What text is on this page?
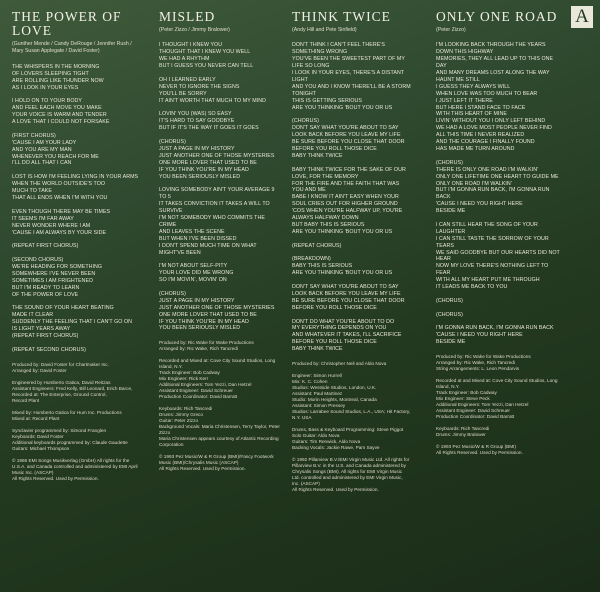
A
THE POWER OF LOVE
(Gunther Mende / Candy DeRouge / Jennifer Rush / Mary Susan Applegate / David Foster)
THE WHISPERS IN THE MORNING
OF LOVERS SLEEPING TIGHT
ARE ROLLING LIKE THUNDER NOW
AS I LOOK IN YOUR EYES
I HOLD ON TO YOUR BODY
AND FEEL EACH MOVE YOU MAKE
YOUR VOICE IS WARM AND TENDER
A LOVE THAT I COULD NOT FORSAKE
(FIRST CHORUS)
'CAUSE I AM YOUR LADY
AND YOU ARE MY MAN
WHENEVER YOU REACH FOR ME
I'LL DO ALL THAT I CAN
LOST IS HOW I'M FEELING LYING IN YOUR ARMS
WHEN THE WORLD OUTSIDE'S TOO
MUCH TO TAKE
THAT ALL ENDS WHEN I'M WITH YOU
EVEN THOUGH THERE MAY BE TIMES
IT SEEMS I'M FAR AWAY
NEVER WONDER WHERE I AM
'CAUSE I AM ALWAYS BY YOUR SIDE
(REPEAT FIRST CHORUS)
(SECOND CHORUS)
WE'RE HEADING FOR SOMETHING
SOMEWHERE I'VE NEVER BEEN
SOMETIMES I AM FRIGHTENED
BUT I'M READY TO LEARN
OF THE POWER OF LOVE
THE SOUND OF YOUR HEART BEATING
MADE IT CLEAR
SUDDENLY THE FEELING THAT I CAN'T GO ON
IS LIGHT YEARS AWAY
(REPEAT FIRST CHORUS)
(REPEAT SECOND CHORUS)
Produced by: David Foster for Chartmaker Inc.
Arranged by: David Foster
Engineered by Humberto Gatica, David Reitzas
Assistant Engineers: Fred Kelly, Bill Leonard, Erich Baron,
Recorded at: The Enterprise, Ground Control,
Record Plant
Mixed by: Humberto Gatica for Hum Inc. Productions
Mixed at: Record Plant
Synclavier programmed by: Simond Franglen
Keyboards: David Foster
Additional keyboards programmed by: Claude Gaudette
Guitars: Michael Thompson
© 1986 EMI Songs Musikverlag (GmbH) All rights for the U.S.A. and Canada controlled and administered by EMI April Music Inc. (ASCAP)
All Rights Reserved. Used by Permission.
MISLED
(Peter Zizzo / Jimmy Bralower)
I THOUGHT I KNEW YOU
THOUGHT THAT I KNEW YOU WELL
WE HAD A RHYTHM
BUT I GUESS YOU NEVER CAN TELL
OH I LEARNED EARLY
NEVER TO IGNORE THE SIGNS
YOU'LL BE SORRY
IT AIN'T WORTH THAT MUCH TO MY MIND
LOVIN' YOU (WAS) SO EASY
IT'S HARD TO SAY GOODBYE
BUT IF IT'S THE WAY IT GOES IT GOES
(CHORUS)
JUST A PAGE IN MY HISTORY
JUST ANOTHER ONE OF THOSE MYSTERIES
ONE MORE LOVER THAT USED TO BE
IF YOU THINK YOU'RE IN MY HEAD
YOU BEEN SERIOUSLY MISLED
LOVING SOMEBODY AIN'T YOUR AVERAGE 9 TO 5
IT TAKES CONVICTION IT TAKES A WILL TO SURVIVE
I'M NOT SOMEBODY WHO COMMITS THE CRIME
AND LEAVES THE SCENE
BUT WHEN I'VE BEEN DISSED
I DON'T SPEND MUCH TIME ON WHAT MIGHT'VE BEEN
I'M NOT ABOUT SELF-PITY
YOUR LOVE DID ME WRONG
SO I'M MOVIN', MOVIN' ON
(CHORUS)
JUST A PAGE IN MY HISTORY
JUST ANOTHER ONE OF THOSE MYSTERIES
ONE MORE LOVER THAT USED TO BE
IF YOU THINK YOU'RE IN MY HEAD
YOU BEEN SERIOUSLY MISLED
Produced by: Ric Wake for Wake Productions
Arranged by: Ric Wake, Rich Tancredi
Recorded and Mixed at: Cove City Sound Studios, Long Island, N.Y.
Track Engineer: Bob Cadway
Mix Engineer: Rick Kerr
Additional Engineers: Tom Yezzi, Dan Hetzel
Assistant Engineer: David Schreuer
Production Coordinator: David Barratt
Keyboards: Rich Tancredi
Drums: Jimmy Greco
Guitar: Peter Zizzo
Background Vocals: Maria Christensen, Terry Taylor, Peter Zizzo
Maria Christensen appears courtesy of Atlantic Recording Corporation
© 1993 Pez Music/W & R Group (BMI)/Fancy Footwork Music (BMI)/Chrysalis Music (ASCAP)
All Rights Reserved. Used by Permission.
THINK TWICE
(Andy Hill and Pete Sinfield)
DON'T THINK I CAN'T FEEL THERE'S SOMETHING WRONG
YOU'VE BEEN THE SWEETEST PART OF MY LIFE SO LONG
I LOOK IN YOUR EYES, THERE'S A DISTANT LIGHT
AND YOU AND I KNOW THERE'LL BE A STORM TONIGHT
THIS IS GETTING SERIOUS
ARE YOU THINKING 'BOUT YOU OR US
(CHORUS)
DON'T SAY WHAT YOU'RE ABOUT TO SAY
LOOK BACK BEFORE YOU LEAVE MY LIFE
BE SURE BEFORE YOU CLOSE THAT DOOR
BEFORE YOU ROLL THOSE DICE
BABY THINK TWICE
BABY THINK TWICE FOR THE SAKE OF OUR LOVE, FOR THE MEMORY
FOR THE FIRE AND THE FAITH THAT WAS YOU AND ME
BABE I KNOW IT AIN'T EASY WHEN YOUR SOUL CRIES OUT FOR HIGHER GROUND
'COS WHEN YOU'RE HALFWAY UP, YOU'RE ALWAYS HALFWAY DOWN
BUT BABY THIS IS SERIOUS
ARE YOU THINKING 'BOUT YOU OR US
(REPEAT CHORUS)
(BREAKDOWN)
BABY THIS IS SERIOUS
ARE YOU THINKING 'BOUT YOU OR US
DON'T SAY WHAT YOU'RE ABOUT TO SAY
LOOK BACK BEFORE YOU LEAVE MY LIFE
BE SURE BEFORE YOU CLOSE THAT DOOR
BEFORE YOU ROLL THOSE DICE
DON'T DO WHAT YOU'RE ABOUT TO DO
MY EVERYTHING DEPENDS ON YOU
AND WHATEVER IT TAKES, I'LL SACRIFICE
BEFORE YOU ROLL THOSE DICE
BABY THINK TWICE
Produced by: Christopher Neil and Aldo Nova
Engineer: Simon Hurrell
Mix: K. C. Cohen
Studios: Westside Studios, London, U.K.
Assistant: Paul Martinez
Studio: Morin Heights, Montreal, Canada
Assistant: Simon Pressey
Studios: Larrabee Sound Studios, L.A., USA; Hit Factory, N.Y. USA
Drums, Bass & Keyboard Programming: Steve Piggot
Solo Guitar: Aldo Nova
Guitars: Tim Renwick, Aldo Nova
Backing Vocals: Jackie Rawe, Pam Sayve
© 1992 Pillarview B.V./EMI Virgin Music Ltd. All rights for Pillarview B.V. in the U.S. and Canada administered by Chrysalis Songs (BMI). All rights for EMI Virgin Music Ltd. controlled and administered by EMI Virgin Music, Inc. (ASCAP)
All Rights Reserved. Used by Permission.
ONLY ONE ROAD
(Peter Zizzo)
I'M LOOKING BACK THROUGH THE YEARS
DOWN THIS HIGHWAY
MEMORIES, THEY ALL LEAD UP TO THIS ONE DAY
AND MANY DREAMS LOST ALONG THE WAY
HAUNT ME STILL
I GUESS THEY ALWAYS WILL
WHEN LOVE WAS TOO MUCH TO BEAR
I JUST LEFT IT THERE
BUT HERE I STAND FACE TO FACE
WITH THIS HEART OF MINE
LIVIN' WITHOUT YOU I ONLY LEFT BEHIND
WE HAD A LOVE MOST PEOPLE NEVER FIND
ALL THIS TIME I NEVER REALIZED
AND THE COURAGE I FINALLY FOUND
HAS MADE ME TURN AROUND
(CHORUS)
THERE IS ONLY ONE ROAD I'M WALKIN'
ONLY ONE LIFETIME ONE HEART TO GUIDE ME
ONLY ONE ROAD I'M WALKIN'
BUT I'M GONNA RUN BACK, I'M GONNA RUN BACK
'CAUSE I NEED YOU RIGHT HERE
BESIDE ME
I CAN STILL HEAR THE SONG OF YOUR LAUGHTER
I CAN STILL TASTE THE SORROW OF YOUR TEARS
WE SAID GOODBYE BUT OUR HEARTS DID NOT HEAR
NOW MY LOVE THERE'S NOTHING LEFT TO FEAR
WITH ALL MY HEART PUT ME THROUGH
IT LEADS ME BACK TO YOU
(CHORUS)
(CHORUS)
I'M GONNA RUN BACK, I'M GONNA RUN BACK
'CAUSE I NEED YOU RIGHT HERE
BESIDE ME
Produced by: Ric Wake for Wake Productions
Arranged by: Ric Wake, Rich Tancredi
String Arrangements: L. Leon Pendarvis
Recorded at and Mixed at: Cove City Sound Studios, Long Island, N.Y.
Track Engineer: Bob Cadway
Mix Engineer: Steve Peck
Additional Engineers: Tom Yezzi, Dan Hetzel
Assistant Engineer: David Schreuer
Production Coordinator: David Barratt
Keyboards: Rich Tancredi
Drums: Jimmy Bralower
© 1993 Pez Music/W & R Group (BMI)
All Rights Reserved. Used by Permission.
